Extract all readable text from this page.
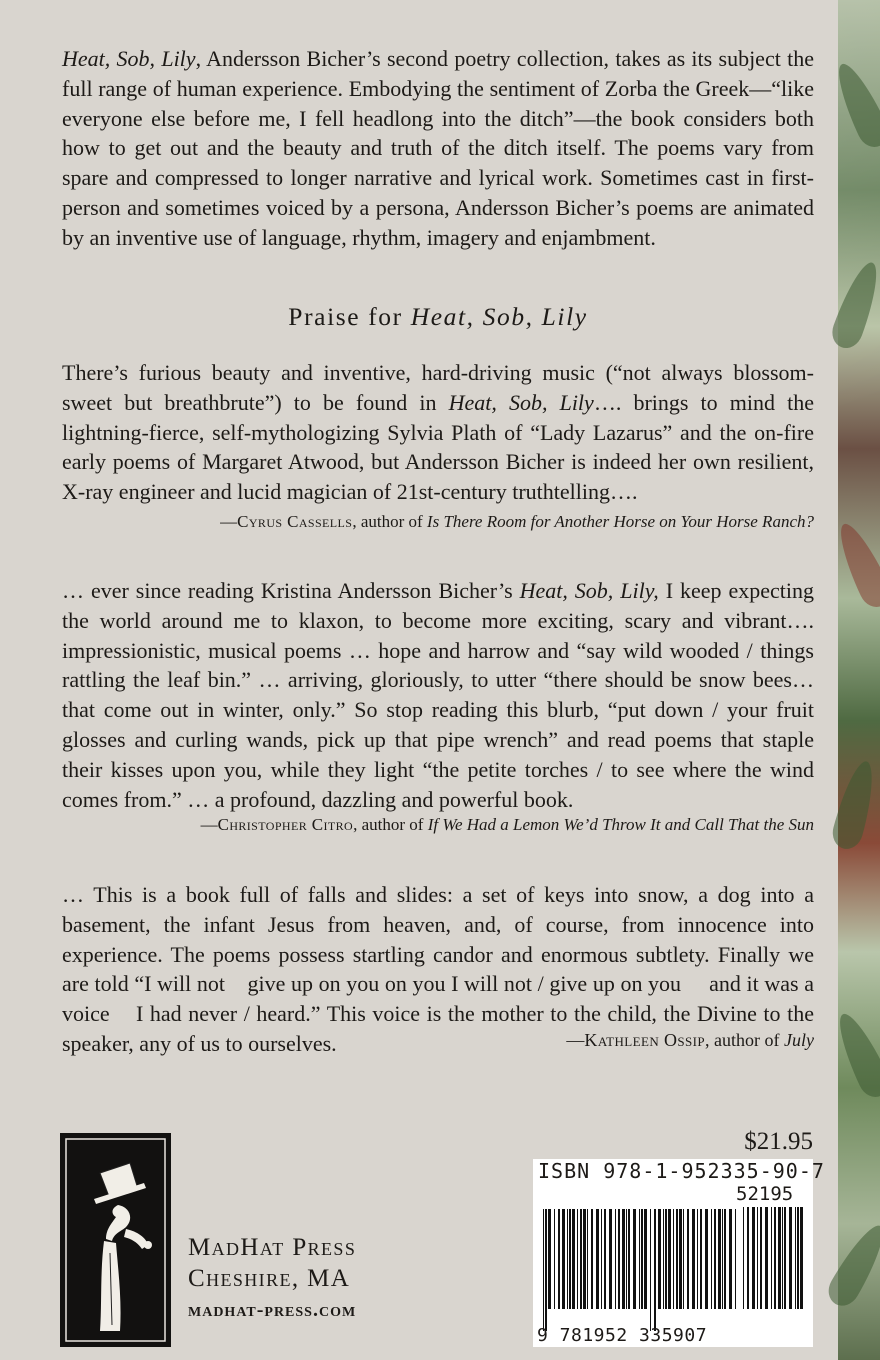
Heat, Sob, Lily, Andersson Bicher’s second poetry collection, takes as its subject the full range of human experience. Embodying the sentiment of Zorba the Greek—“like everyone else before me, I fell headlong into the ditch”—the book considers both how to get out and the beauty and truth of the ditch itself. The poems vary from spare and compressed to longer narrative and lyrical work. Sometimes cast in first-person and sometimes voiced by a persona, Andersson Bicher’s poems are animated by an inventive use of language, rhythm, imagery and enjambment.

Praise for Heat, Sob, Lily

There’s furious beauty and inventive, hard-driving music (“not always blossom-sweet but breathbrute”) to be found in Heat, Sob, Lily…. brings to mind the lightning-fierce, self-mythologizing Sylvia Plath of “Lady Lazarus” and the on-fire early poems of Margaret Atwood, but Andersson Bicher is indeed her own resilient, X-ray engineer and lucid magician of 21st-century truthtelling….

—Cyrus Cassells, author of Is There Room for Another Horse on Your Horse Ranch?

… ever since reading Kristina Andersson Bicher’s Heat, Sob, Lily, I keep expecting the world around me to klaxon, to become more exciting, scary and vibrant…. impressionistic, musical poems … hope and harrow and “say wild wooded / things rattling the leaf bin.” … arriving, gloriously, to utter “there should be snow bees… that come out in winter, only.” So stop reading this blurb, “put down / your fruit glosses and curling wands, pick up that pipe wrench” and read poems that staple their kisses upon you, while they light “the petite torches / to see where the wind comes from.” … a profound, dazzling and powerful book.

—Christopher Citro, author of If We Had a Lemon We’d Throw It and Call That the Sun

… This is a book full of falls and slides: a set of keys into snow, a dog into a basement, the infant Jesus from heaven, and, of course, from innocence into experience. The poems possess startling candor and enormous subtlety. Finally we are told “I will not    give up on you on you I will not / give up on you     and it was a voice    I had never / heard.” This voice is the mother to the child, the Divine to the speaker, any of us to ourselves.	—Kathleen Ossip, author of July
MadHat Press
Cheshire, MA
madhat-press.com
$21.95
ISBN 978-1-952335-90-7
52195
9 781952 335907
